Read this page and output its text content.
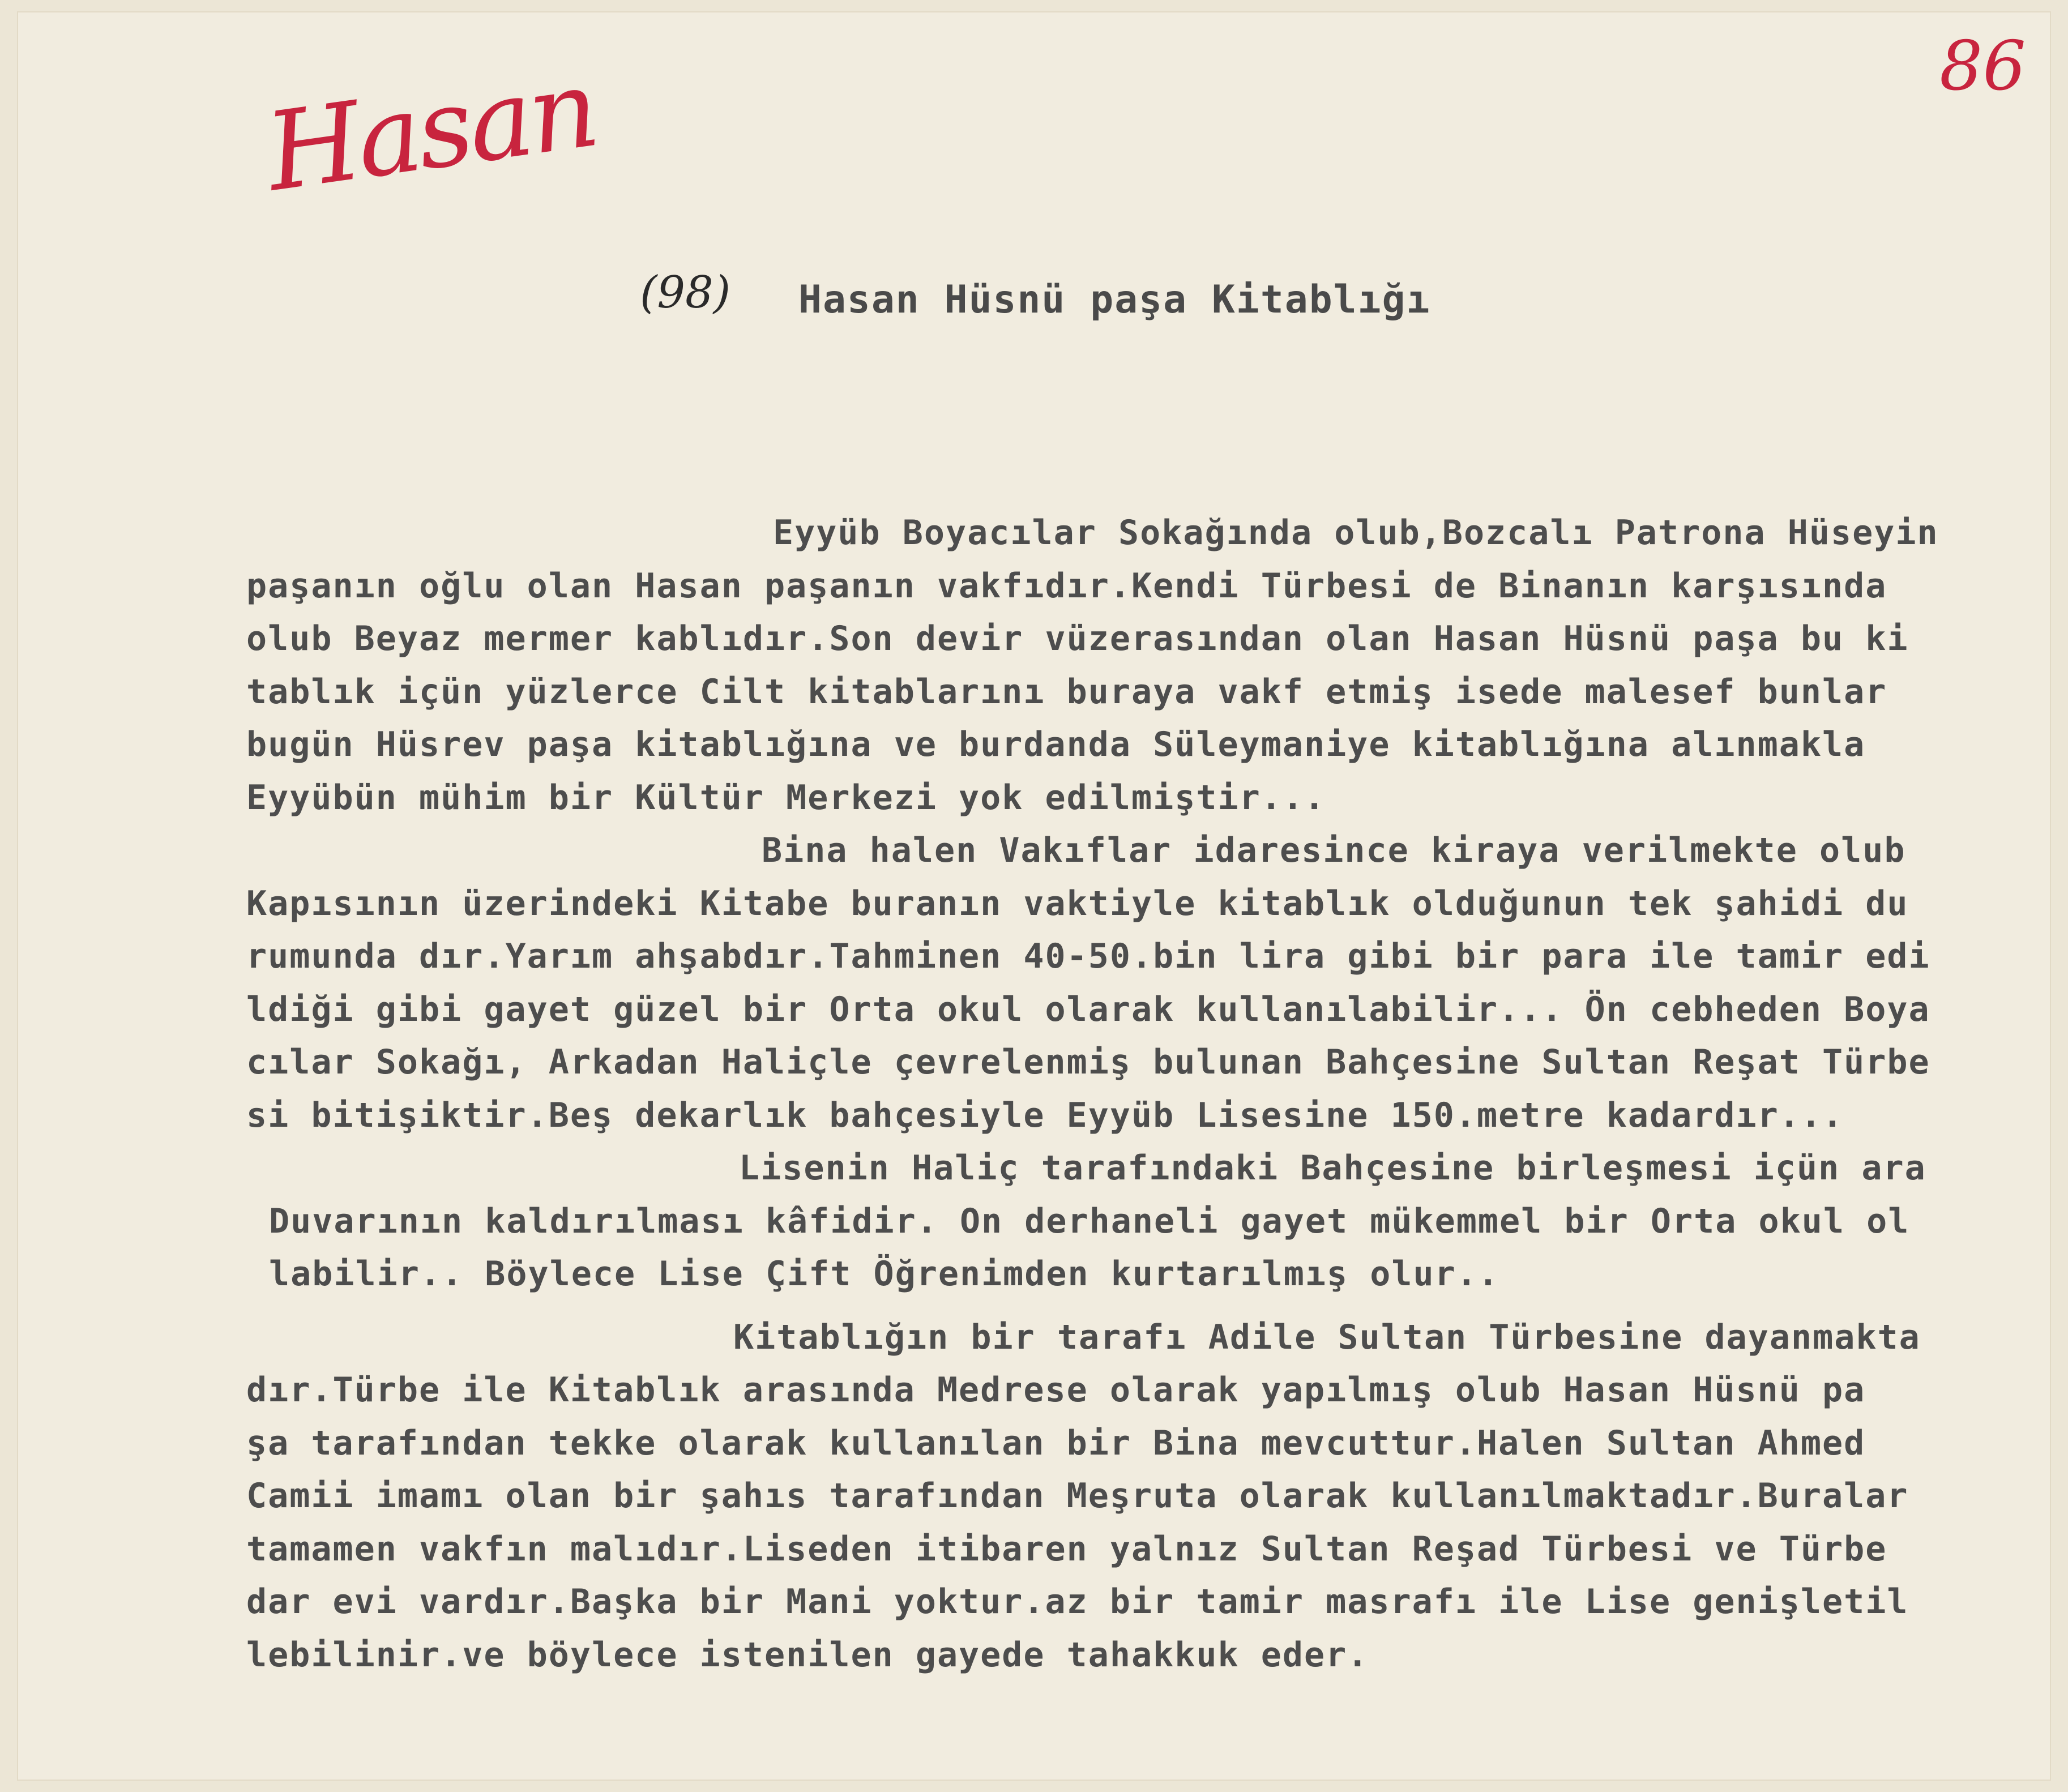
Hasan	86
(98) Hasan Hüsnü paşa Kitablığı
Eyyüb Boyacılar Sokağında olub,Bozcalı Patrona Hüseyin
paşanın oğlu olan Hasan paşanın vakfıdır.Kendi Türbesi de Binanın karşısında
olub Beyaz mermer kablıdır.Son devir vüzerasından olan Hasan Hüsnü paşa bu ki
tablık içün yüzlerce Cilt kitablarını buraya vakf etmiş isede malesef bunlar
bugün Hüsrev paşa kitablığına ve burdanda Süleymaniye kitablığına alınmakla
Eyyübün mühim bir Kültür Merkezi yok edilmiştir...
Bina halen Vakıflar idaresince kiraya verilmekte olub
Kapısının üzerindeki Kitabe buranın vaktiyle kitablık olduğunun tek şahidi du
rumunda dır.Yarım ahşabdır.Tahminen 40-50.bin lira gibi bir para ile tamir edi
ldiği gibi gayet güzel bir Orta okul olarak kullanılabilir... Ön cebheden Boya
cılar Sokağı, Arkadan Haliçle çevrelenmiş bulunan Bahçesine Sultan Reşat Türbe
si bitişiktir.Beş dekarlık bahçesiyle Eyyüb Lisesine 150.metre kadardır...
Lisenin Haliç tarafındaki Bahçesine birleşmesi içün ara
Duvarının kaldırılması kâfidir. On derhaneli gayet mükemmel bir Orta okul ol
labilir.. Böylece Lise Çift Öğrenimden kurtarılmış olur..
Kitablığın bir tarafı Adile Sultan Türbesine dayanmakta
dır.Türbe ile Kitablık arasında Medrese olarak yapılmış olub Hasan Hüsnü pa
şa tarafından tekke olarak kullanılan bir Bina mevcuttur.Halen Sultan Ahmed
Camii imamı olan bir şahıs tarafından Meşruta olarak kullanılmaktadır.Buralar
tamamen vakfın malıdır.Liseden itibaren yalnız Sultan Reşad Türbesi ve Türbe
dar evi vardır.Başka bir Mani yoktur.az bir tamir masrafı ile Lise genişletil
lebilinir.ve böylece istenilen gayede tahakkuk eder.
